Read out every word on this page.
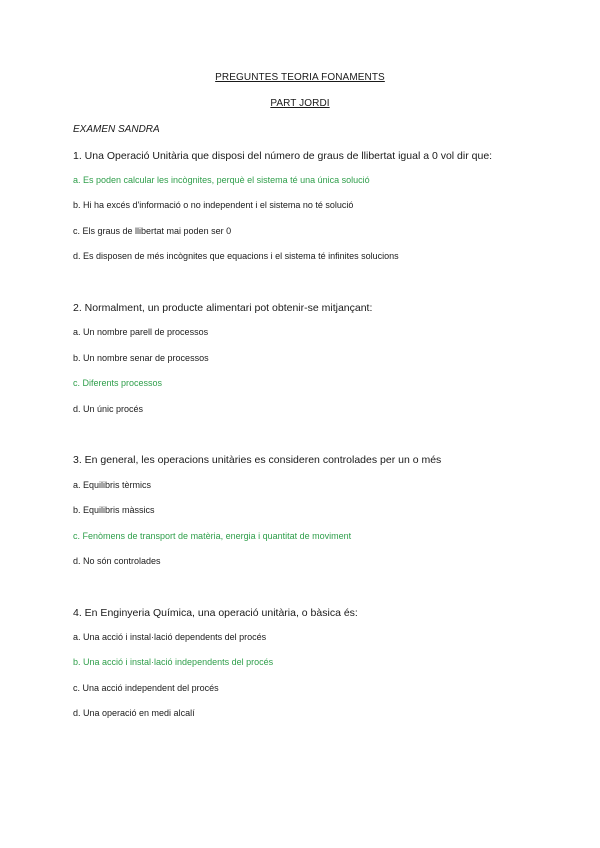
PREGUNTES TEORIA FONAMENTS
PART JORDI
EXAMEN SANDRA
1. Una Operació Unitària que disposi del número de graus de llibertat igual a 0 vol dir que:
a. Es poden calcular les incògnites, perquè el sistema té una única solució
b. Hi ha excés d'informació o no independent i el sistema no té solució
c. Els graus de llibertat mai poden ser 0
d. Es disposen de més incògnites que equacions i el sistema té infinites solucions
2. Normalment, un producte alimentari pot obtenir-se mitjançant:
a. Un nombre parell de processos
b. Un nombre senar de processos
c. Diferents processos
d. Un únic procés
3. En general, les operacions unitàries es consideren controlades per un o més
a. Equilibris tèrmics
b. Equilibris màssics
c. Fenòmens de transport de matèria, energia i quantitat de moviment
d. No són controlades
4. En Enginyeria Química, una operació unitària, o bàsica és:
a. Una acció i instal·lació dependents del procés
b. Una acció i instal·lació independents del procés
c. Una acció independent del procés
d. Una operació en medi alcalí
